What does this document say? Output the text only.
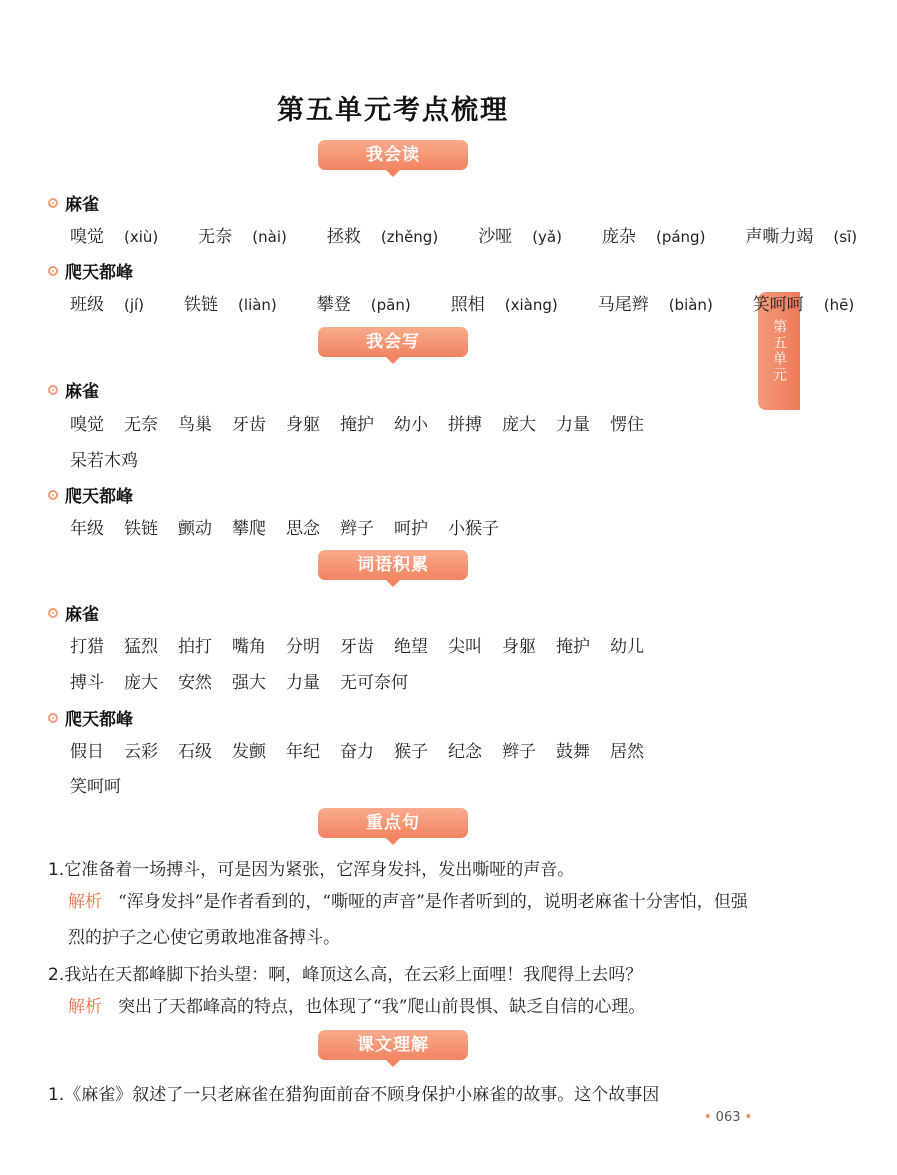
第五单元考点梳理
第五单元
我会读
麻雀
嗅觉 (xiù)	无奈 (nài)	拯救 (zhěng)	沙哑 (yǎ)	庞杂 (páng)	声嘶力竭 (sī)
爬天都峰
班级 (jí)	铁链 (liàn)	攀登 (pān)	照相 (xiàng)	马尾辫 (biàn)	笑呵呵 (hē)
我会写
麻雀
嗅觉 无奈 鸟巢 牙齿 身躯 掩护 幼小 拼搏 庞大 力量 愣住
呆若木鸡
爬天都峰
年级 铁链 颤动 攀爬 思念 辫子 呵护 小猴子
词语积累
麻雀
打猎 猛烈 拍打 嘴角 分明 牙齿 绝望 尖叫 身躯 掩护 幼儿
搏斗 庞大 安然 强大 力量 无可奈何
爬天都峰
假日 云彩 石级 发颤 年纪 奋力 猴子 纪念 辫子 鼓舞 居然
笑呵呵
重点句
1.它准备着一场搏斗，可是因为紧张，它浑身发抖，发出嘶哑的声音。
解析 “浑身发抖”是作者看到的，“嘶哑的声音”是作者听到的，说明老麻雀十分害怕，但强烈的护子之心使它勇敢地准备搏斗。
2.我站在天都峰脚下抬头望：啊，峰顶这么高，在云彩上面哩！我爬得上去吗？
解析 突出了天都峰高的特点，也体现了“我”爬山前畏惧、缺乏自信的心理。
课文理解
1.《麻雀》叙述了一只老麻雀在猎狗面前奋不顾身保护小麻雀的故事。这个故事因
• 063 •
